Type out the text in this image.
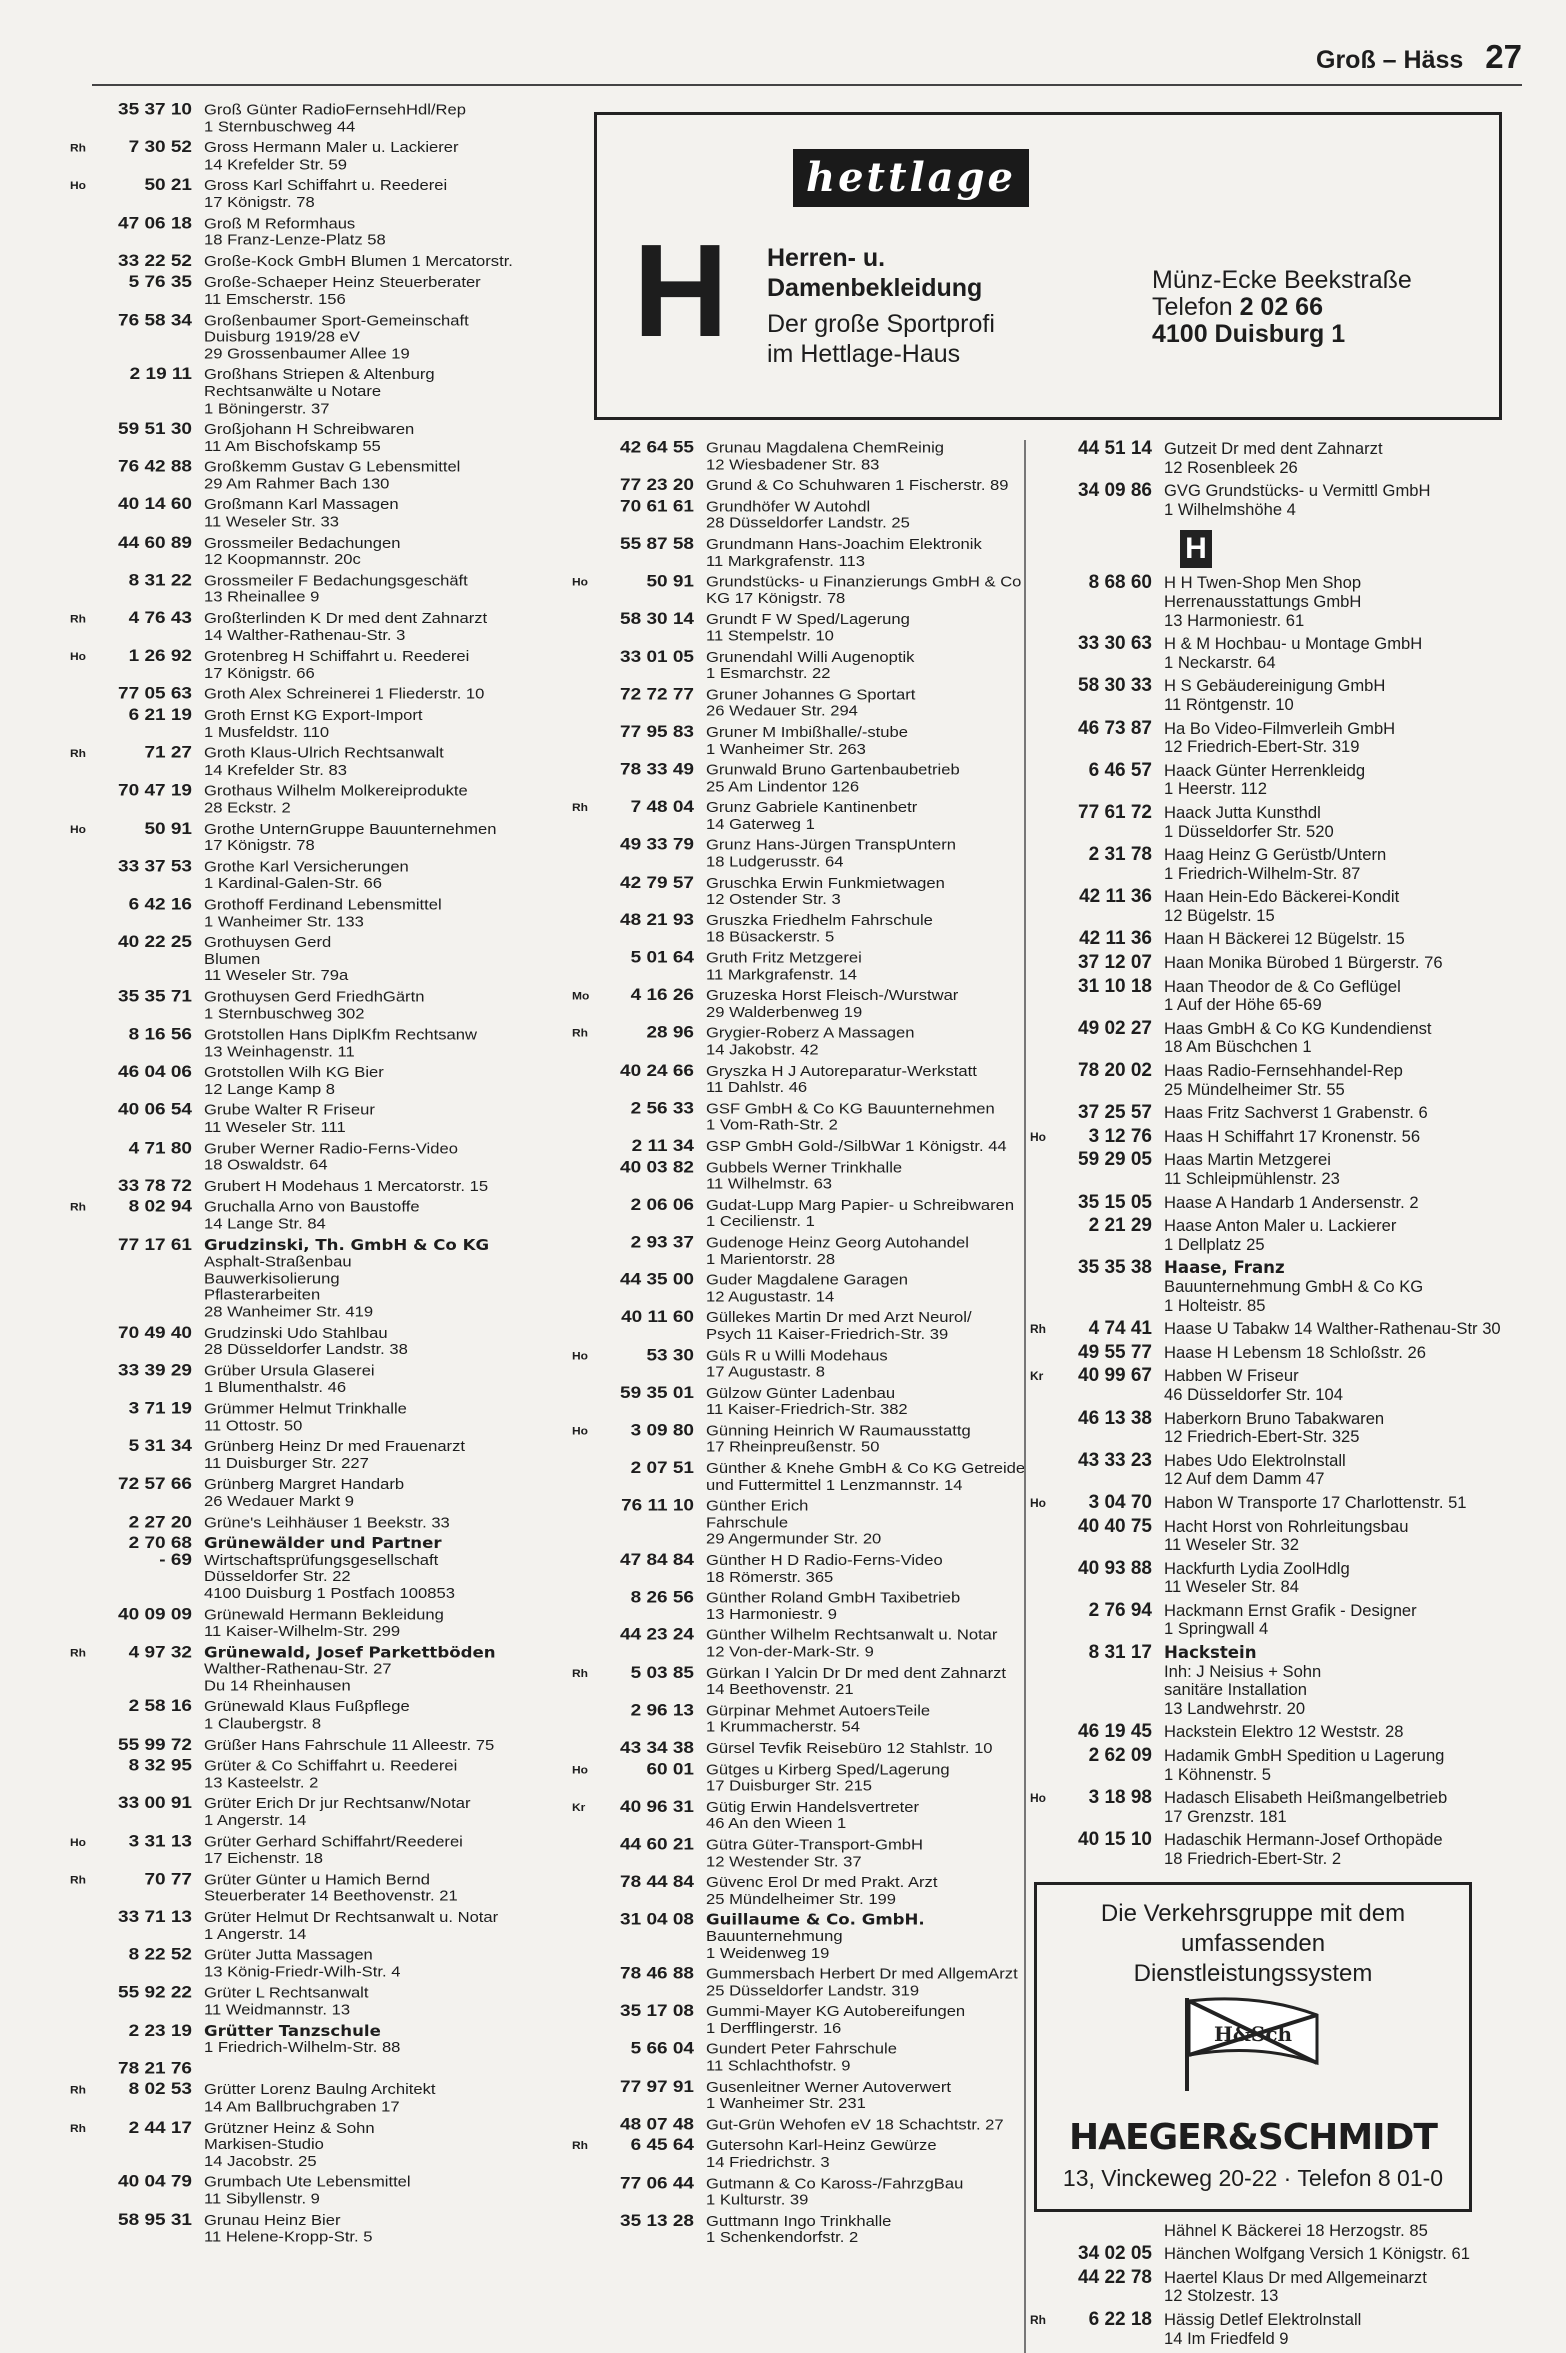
Groß – Häss 27
35 37 10 Groß Günter RadioFernsehHdl/Rep
1 Sternbuschweg 44
Rh	7 30 52 Gross Hermann Maler u. Lackierer
14 Krefelder Str. 59
Ho	50 21 Gross Karl Schiffahrt u. Reederei
17 Königstr. 78
47 06 18 Groß M Reformhaus
18 Franz-Lenze-Platz 58
33 22 52 Große-Kock GmbH Blumen 1 Mercatorstr.
5 76 35 Große-Schaeper Heinz Steuerberater
11 Emscherstr. 156
76 58 34 Großenbaumer Sport-Gemeinschaft
Duisburg 1919/28 eV
29 Grossenbaumer Allee 19
2 19 11 Großhans Striepen & Altenburg
Rechtsanwälte u Notare
1 Böningerstr. 37
59 51 30 Großjohann H Schreibwaren
11 Am Bischofskamp 55
76 42 88 Großkemm Gustav G Lebensmittel
29 Am Rahmer Bach 130
40 14 60 Großmann Karl Massagen
11 Weseler Str. 33
44 60 89 Grossmeiler Bedachungen
12 Koopmannstr. 20c
8 31 22 Grossmeiler F Bedachungsgeschäft
13 Rheinallee 9
Rh	4 76 43 Großterlinden K Dr med dent Zahnarzt
14 Walther-Rathenau-Str. 3
Ho	1 26 92 Grotenbreg H Schiffahrt u. Reederei
17 Königstr. 66
77 05 63 Groth Alex Schreinerei 1 Fliederstr. 10
6 21 19 Groth Ernst KG Export-Import
1 Musfeldstr. 110
Rh	71 27 Groth Klaus-Ulrich Rechtsanwalt
14 Krefelder Str. 83
70 47 19 Grothaus Wilhelm Molkereiprodukte
28 Eckstr. 2
Ho	50 91 Grothe UnternGruppe Bauunternehmen
17 Königstr. 78
33 37 53 Grothe Karl Versicherungen
1 Kardinal-Galen-Str. 66
6 42 16 Grothoff Ferdinand Lebensmittel
1 Wanheimer Str. 133
40 22 25 Grothuysen Gerd
Blumen
11 Weseler Str. 79a
35 35 71 Grothuysen Gerd FriedhGärtn
1 Sternbuschweg 302
8 16 56 Grotstollen Hans DiplKfm Rechtsanw
13 Weinhagenstr. 11
46 04 06 Grotstollen Wilh KG Bier
12 Lange Kamp 8
40 06 54 Grube Walter R Friseur
11 Weseler Str. 111
4 71 80 Gruber Werner Radio-Ferns-Video
18 Oswaldstr. 64
33 78 72 Grubert H Modehaus 1 Mercatorstr. 15
Rh	8 02 94 Gruchalla Arno von Baustoffe
14 Lange Str. 84
77 17 61 Grudzinski, Th. GmbH & Co KG
Asphalt-Straßenbau
Bauwerkisolierung
Pflasterarbeiten
28 Wanheimer Str. 419
70 49 40 Grudzinski Udo Stahlbau
28 Düsseldorfer Landstr. 38
33 39 29 Grüber Ursula Glaserei
1 Blumenthalstr. 46
3 71 19 Grümmer Helmut Trinkhalle
11 Ottostr. 50
5 31 34 Grünberg Heinz Dr med Frauenarzt
11 Duisburger Str. 227
72 57 66 Grünberg Margret Handarb
26 Wedauer Markt 9
2 27 20 Grüne's Leihhäuser 1 Beekstr. 33
2 70 68
- 69
Grünewälder und Partner
Wirtschaftsprüfungsgesellschaft
Düsseldorfer Str. 22
4100 Duisburg 1 Postfach 100853
40 09 09 Grünewald Hermann Bekleidung
11 Kaiser-Wilhelm-Str. 299
Rh	4 97 32 Grünewald, Josef Parkettböden
Walther-Rathenau-Str. 27
Du 14 Rheinhausen
2 58 16 Grünewald Klaus Fußpflege
1 Claubergstr. 8
55 99 72 Grüßer Hans Fahrschule 11 Alleestr. 75
8 32 95 Grüter & Co Schiffahrt u. Reederei
13 Kasteelstr. 2
33 00 91 Grüter Erich Dr jur Rechtsanw/Notar
1 Angerstr. 14
Ho	3 31 13 Grüter Gerhard Schiffahrt/Reederei
17 Eichenstr. 18
Rh	70 77 Grüter Günter u Hamich Bernd
Steuerberater 14 Beethovenstr. 21
33 71 13 Grüter Helmut Dr Rechtsanwalt u. Notar
1 Angerstr. 14
8 22 52 Grüter Jutta Massagen
13 König-Friedr-Wilh-Str. 4
55 92 22 Grüter L Rechtsanwalt
11 Weidmannstr. 13
2 23 19 Grütter Tanzschule
1 Friedrich-Wilhelm-Str. 88
78 21 76
Rh	8 02 53 Grütter Lorenz Baulng Architekt
14 Am Ballbruchgraben 17
Rh	2 44 17 Grützner Heinz & Sohn
Markisen-Studio
14 Jacobstr. 25
40 04 79 Grumbach Ute Lebensmittel
11 Sibyllenstr. 9
58 95 31 Grunau Heinz Bier
11 Helene-Kropp-Str. 5
hettlage
H Herren- u. Damenbekleidung
Der große Sportprofi im Hettlage-Haus
Münz-Ecke Beekstraße
Telefon 2 02 66
4100 Duisburg 1
42 64 55 Grunau Magdalena ChemReinig
12 Wiesbadener Str. 83
77 23 20 Grund & Co Schuhwaren 1 Fischerstr. 89
70 61 61 Grundhöfer W Autohdl
28 Düsseldorfer Landstr. 25
55 87 58 Grundmann Hans-Joachim Elektronik
11 Markgrafenstr. 113
Ho	50 91 Grundstücks- u Finanzierungs GmbH & Co
KG 17 Königstr. 78
58 30 14 Grundt F W Sped/Lagerung
11 Stempelstr. 10
33 01 05 Grunendahl Willi Augenoptik
1 Esmarchstr. 22
72 72 77 Gruner Johannes G Sportart
26 Wedauer Str. 294
77 95 83 Gruner M Imbißhalle/-stube
1 Wanheimer Str. 263
78 33 49 Grunwald Bruno Gartenbaubetrieb
25 Am Lindentor 126
Rh	7 48 04 Grunz Gabriele Kantinenbetr
14 Gaterweg 1
49 33 79 Grunz Hans-Jürgen TranspUntern
18 Ludgerusstr. 64
42 79 57 Gruschka Erwin Funkmietwagen
12 Ostender Str. 3
48 21 93 Gruszka Friedhelm Fahrschule
18 Büsackerstr. 5
5 01 64 Gruth Fritz Metzgerei
11 Markgrafenstr. 14
Mo	4 16 26 Gruzeska Horst Fleisch-/Wurstwar
29 Walderbenweg 19
Rh	28 96 Grygier-Roberz A Massagen
14 Jakobstr. 42
40 24 66 Gryszka H J Autoreparatur-Werkstatt
11 Dahlstr. 46
2 56 33 GSF GmbH & Co KG Bauunternehmen
1 Vom-Rath-Str. 2
2 11 34 GSP GmbH Gold-/SilbWar 1 Königstr. 44
40 03 82 Gubbels Werner Trinkhalle
11 Wilhelmstr. 63
2 06 06 Gudat-Lupp Marg Papier- u Schreibwaren
1 Cecilienstr. 1
2 93 37 Gudenoge Heinz Georg Autohandel
1 Marientorstr. 28
44 35 00 Guder Magdalene Garagen
12 Augustastr. 14
40 11 60 Güllekes Martin Dr med Arzt Neurol/
Psych 11 Kaiser-Friedrich-Str. 39
Ho	53 30 Güls R u Willi Modehaus
17 Augustastr. 8
59 35 01 Gülzow Günter Ladenbau
11 Kaiser-Friedrich-Str. 382
Ho	3 09 80 Günning Heinrich W Raumausstattg
17 Rheinpreußenstr. 50
2 07 51 Günther & Knehe GmbH & Co KG Getreide
und Futtermittel 1 Lenzmannstr. 14
76 11 10 Günther Erich
Fahrschule
29 Angermunder Str. 20
47 84 84 Günther H D Radio-Ferns-Video
18 Römerstr. 365
8 26 56 Günther Roland GmbH Taxibetrieb
13 Harmoniestr. 9
44 23 24 Günther Wilhelm Rechtsanwalt u. Notar
12 Von-der-Mark-Str. 9
Rh	5 03 85 Gürkan I Yalcin Dr Dr med dent Zahnarzt
14 Beethovenstr. 21
2 96 13 Gürpinar Mehmet AutoersTeile
1 Krummacherstr. 54
43 34 38 Gürsel Tevfik Reisebüro 12 Stahlstr. 10
Ho	60 01 Gütges u Kirberg Sped/Lagerung
17 Duisburger Str. 215
Kr	40 96 31 Gütig Erwin Handelsvertreter
46 An den Wieen 1
44 60 21 Gütra Güter-Transport-GmbH
12 Westender Str. 37
78 44 84 Güvenc Erol Dr med Prakt. Arzt
25 Mündelheimer Str. 199
31 04 08 Guillaume & Co. GmbH.
Bauunternehmung
1 Weidenweg 19
78 46 88 Gummersbach Herbert Dr med AllgemArzt
25 Düsseldorfer Landstr. 319
35 17 08 Gummi-Mayer KG Autobereifungen
1 Derfflingerstr. 16
5 66 04 Gundert Peter Fahrschule
11 Schlachthofstr. 9
77 97 91 Gusenleitner Werner Autoverwert
1 Wanheimer Str. 231
48 07 48 Gut-Grün Wehofen eV 18 Schachtstr. 27
Rh	6 45 64 Gutersohn Karl-Heinz Gewürze
14 Friedrichstr. 3
77 06 44 Gutmann & Co Kaross-/FahrzgBau
1 Kulturstr. 39
35 13 28 Guttmann Ingo Trinkhalle
1 Schenkendorfstr. 2
44 51 14 Gutzeit Dr med dent Zahnarzt
12 Rosenbleek 26
34 09 86 GVG Grundstücks- u Vermittl GmbH
1 Wilhelmshöhe 4
H
8 68 60 H H Twen-Shop Men Shop
Herrenausstattungs GmbH
13 Harmoniestr. 61
33 30 63 H & M Hochbau- u Montage GmbH
1 Neckarstr. 64
58 30 33 H S Gebäudereinigung GmbH
11 Röntgenstr. 10
46 73 87 Ha Bo Video-Filmverleih GmbH
12 Friedrich-Ebert-Str. 319
6 46 57 Haack Günter Herrenkleidg
1 Heerstr. 112
77 61 72 Haack Jutta Kunsthdl
1 Düsseldorfer Str. 520
2 31 78 Haag Heinz G Gerüstb/Untern
1 Friedrich-Wilhelm-Str. 87
42 11 36 Haan Hein-Edo Bäckerei-Kondit
12 Bügelstr. 15
42 11 36 Haan H Bäckerei 12 Bügelstr. 15
37 12 07 Haan Monika Bürobed 1 Bürgerstr. 76
31 10 18 Haan Theodor de & Co Geflügel
1 Auf der Höhe 65-69
49 02 27 Haas GmbH & Co KG Kundendienst
18 Am Büschchen 1
78 20 02 Haas Radio-Fernsehhandel-Rep
25 Mündelheimer Str. 55
37 25 57 Haas Fritz Sachverst 1 Grabenstr. 6
Ho	3 12 76 Haas H Schiffahrt 17 Kronenstr. 56
59 29 05 Haas Martin Metzgerei
11 Schleipmühlenstr. 23
35 15 05 Haase A Handarb 1 Andersenstr. 2
2 21 29 Haase Anton Maler u. Lackierer
1 Dellplatz 25
35 35 38 Haase, Franz
Bauunternehmung GmbH & Co KG
1 Holteistr. 85
Rh	4 74 41 Haase U Tabakw 14 Walther-Rathenau-Str 30
49 55 77 Haase H Lebensm 18 Schloßstr. 26
Kr	40 99 67 Habben W Friseur
46 Düsseldorfer Str. 104
46 13 38 Haberkorn Bruno Tabakwaren
12 Friedrich-Ebert-Str. 325
43 33 23 Habes Udo Elektrolnstall
12 Auf dem Damm 47
Ho	3 04 70 Habon W Transporte 17 Charlottenstr. 51
40 40 75 Hacht Horst von Rohrleitungsbau
11 Weseler Str. 32
40 93 88 Hackfurth Lydia ZoolHdlg
11 Weseler Str. 84
2 76 94 Hackmann Ernst Grafik - Designer
1 Springwall 4
8 31 17 Hackstein
Inh: J Neisius + Sohn
sanitäre Installation
13 Landwehrstr. 20
46 19 45 Hackstein Elektro 12 Weststr. 28
2 62 09 Hadamik GmbH Spedition u Lagerung
1 Köhnenstr. 5
Ho	3 18 98 Hadasch Elisabeth Heißmangelbetrieb
17 Grenzstr. 181
40 15 10 Hadaschik Hermann-Josef Orthopäde
18 Friedrich-Ebert-Str. 2
Die Verkehrsgruppe mit dem umfassenden Dienstleistungssystem
H&Sch
HAEGER&SCHMIDT
13, Vinckeweg 20-22 · Telefon 8 01-0
Hähnel K Bäckerei 18 Herzogstr. 85
34 02 05 Hänchen Wolfgang Versich 1 Königstr. 61
44 22 78 Haertel Klaus Dr med Allgemeinarzt
12 Stolzestr. 13
Rh	6 22 18 Hässig Detlef Elektrolnstall
14 Im Friedfeld 9
